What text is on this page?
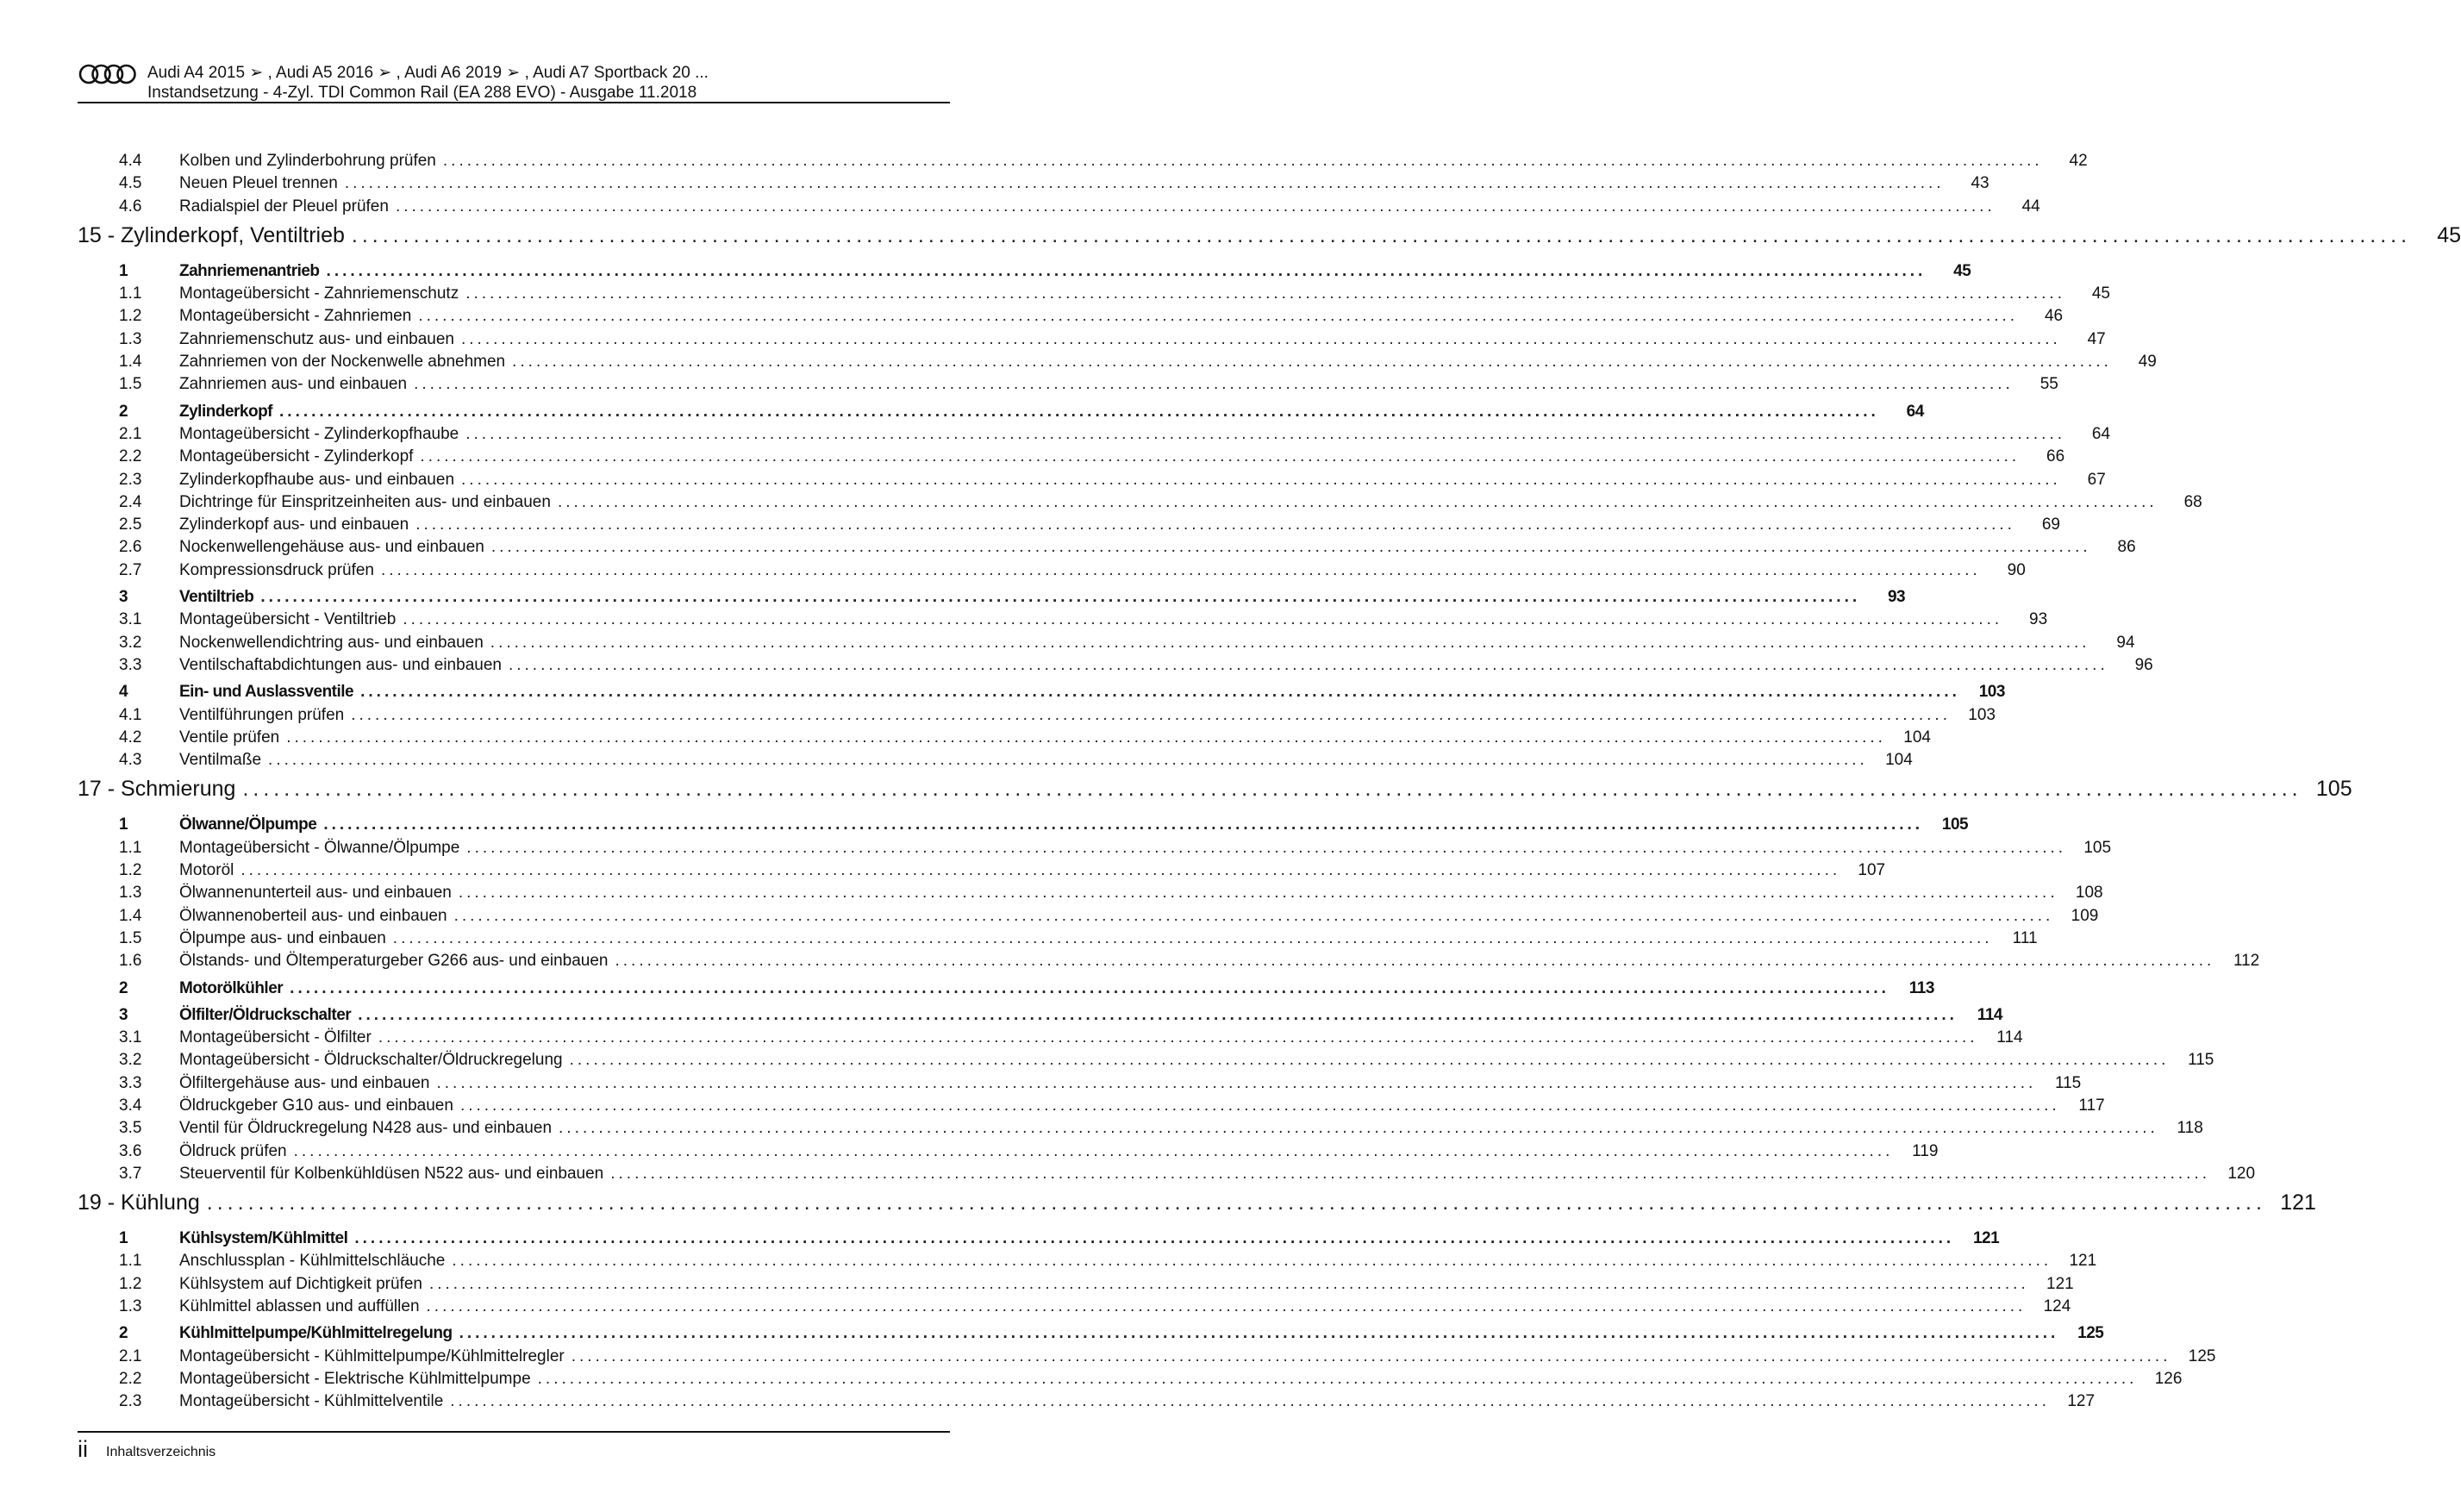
Audi A4 2015 ➢ , Audi A5 2016 ➢ , Audi A6 2019 ➢ , Audi A7 Sportback 20 ...
Instandsetzung - 4-Zyl. TDI Common Rail (EA 288 EVO) - Ausgabe 11.2018
4.4 Kolben und Zylinderbohrung prüfen ........................................................................................................................................................................................................	42
4.5 Neuen Pleuel trennen ........................................................................................................................................................................................................	43
4.6 Radialspiel der Pleuel prüfen ........................................................................................................................................................................................................	44
15 - Zylinderkopf, Ventiltrieb ........................................................................................................................................................................................................	45
1	Zahnriemenantrieb ........................................................................................................................................................................................................	45
1.1 Montageübersicht - Zahnriemenschutz ........................................................................................................................................................................................................	45
1.2 Montageübersicht - Zahnriemen ........................................................................................................................................................................................................	46
1.3 Zahnriemenschutz aus- und einbauen ........................................................................................................................................................................................................	47
1.4 Zahnriemen von der Nockenwelle abnehmen ........................................................................................................................................................................................................	49
1.5 Zahnriemen aus- und einbauen ........................................................................................................................................................................................................	55
2	Zylinderkopf ........................................................................................................................................................................................................	64
2.1 Montageübersicht - Zylinderkopfhaube ........................................................................................................................................................................................................	64
2.2 Montageübersicht - Zylinderkopf ........................................................................................................................................................................................................	66
2.3 Zylinderkopfhaube aus- und einbauen ........................................................................................................................................................................................................	67
2.4 Dichtringe für Einspritzeinheiten aus- und einbauen ........................................................................................................................................................................................................	68
2.5 Zylinderkopf aus- und einbauen ........................................................................................................................................................................................................	69
2.6 Nockenwellengehäuse aus- und einbauen ........................................................................................................................................................................................................	86
2.7 Kompressionsdruck prüfen ........................................................................................................................................................................................................	90
3	Ventiltrieb ........................................................................................................................................................................................................	93
3.1 Montageübersicht - Ventiltrieb ........................................................................................................................................................................................................	93
3.2 Nockenwellendichtring aus- und einbauen ........................................................................................................................................................................................................	94
3.3 Ventilschaftabdichtungen aus- und einbauen ........................................................................................................................................................................................................	96
4	Ein- und Auslassventile ........................................................................................................................................................................................................	103
4.1 Ventilführungen prüfen ........................................................................................................................................................................................................	103
4.2 Ventile prüfen ........................................................................................................................................................................................................	104
4.3 Ventilmaße ........................................................................................................................................................................................................	104
17 - Schmierung ........................................................................................................................................................................................................ 105
1	Ölwanne/Ölpumpe ........................................................................................................................................................................................................	105
1.1 Montageübersicht - Ölwanne/Ölpumpe ........................................................................................................................................................................................................	105
1.2 Motoröl ........................................................................................................................................................................................................	107
1.3 Ölwannenunterteil aus- und einbauen ........................................................................................................................................................................................................	108
1.4 Ölwannenoberteil aus- und einbauen ........................................................................................................................................................................................................	109
1.5 Ölpumpe aus- und einbauen ........................................................................................................................................................................................................	111
1.6 Ölstands- und Öltemperaturgeber G266 aus- und einbauen ........................................................................................................................................................................................................	112
2	Motorölkühler ........................................................................................................................................................................................................	113
3	Ölfilter/Öldruckschalter ........................................................................................................................................................................................................	114
3.1 Montageübersicht - Ölfilter ........................................................................................................................................................................................................	114
3.2 Montageübersicht - Öldruckschalter/Öldruckregelung ........................................................................................................................................................................................................	115
3.3 Ölfiltergehäuse aus- und einbauen ........................................................................................................................................................................................................	115
3.4 Öldruckgeber G10 aus- und einbauen ........................................................................................................................................................................................................	117
3.5 Ventil für Öldruckregelung N428 aus- und einbauen ........................................................................................................................................................................................................	118
3.6 Öldruck prüfen ........................................................................................................................................................................................................	119
3.7 Steuerventil für Kolbenkühldüsen N522 aus- und einbauen ........................................................................................................................................................................................................	120
19 - Kühlung ........................................................................................................................................................................................................ 121
1	Kühlsystem/Kühlmittel ........................................................................................................................................................................................................	121
1.1 Anschlussplan - Kühlmittelschläuche ........................................................................................................................................................................................................	121
1.2 Kühlsystem auf Dichtigkeit prüfen ........................................................................................................................................................................................................	121
1.3 Kühlmittel ablassen und auffüllen ........................................................................................................................................................................................................	124
2	Kühlmittelpumpe/Kühlmittelregelung ........................................................................................................................................................................................................	125
2.1 Montageübersicht - Kühlmittelpumpe/Kühlmittelregler ........................................................................................................................................................................................................	125
2.2 Montageübersicht - Elektrische Kühlmittelpumpe ........................................................................................................................................................................................................	126
2.3 Montageübersicht - Kühlmittelventile ........................................................................................................................................................................................................	127
ii Inhaltsverzeichnis
